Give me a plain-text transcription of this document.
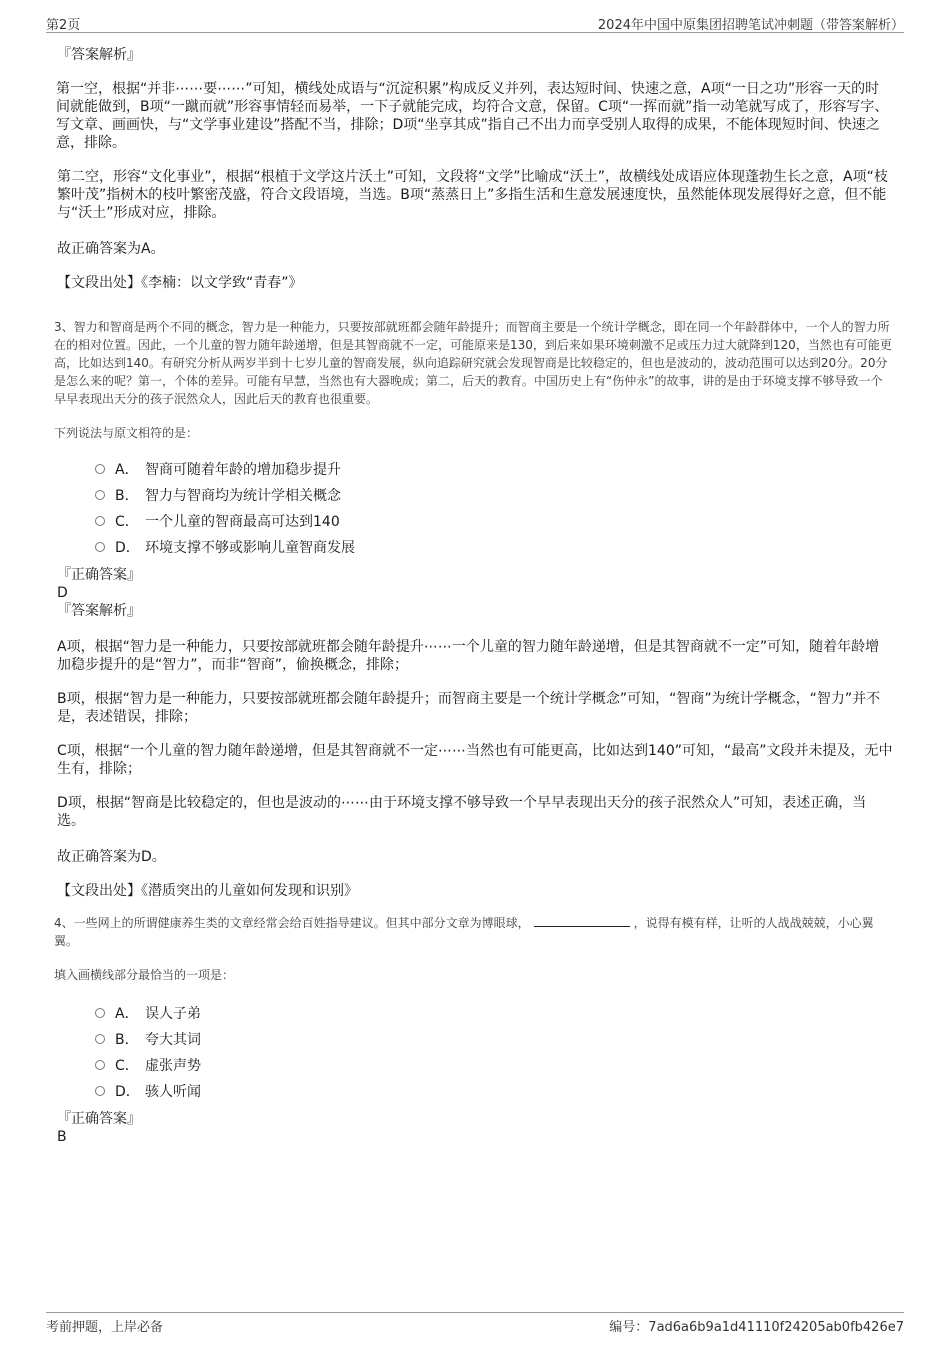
第2页	2024年中国中原集团招聘笔试冲刺题（带答案解析）
『答案解析』

第一空，根据“并非⋯⋯要⋯⋯”可知，横线处成语与“沉淀积累”构成反义并列，表达短时间、快速之意，A项“一日之功”形容一天的时间就能做到，B项“一蹴而就”形容事情轻而易举，一下子就能完成，均符合文意，保留。C项“一挥而就”指一动笔就写成了，形容写字、写文章、画画快，与“文学事业建设”搭配不当，排除；D项“坐享其成”指自己不出力而享受别人取得的成果，不能体现短时间、快速之意，排除。

第二空，形容“文化事业”，根据“根植于文学这片沃土”可知，文段将“文学”比喻成“沃土”，故横线处成语应体现蓬勃生长之意，A项“枝繁叶茂”指树木的枝叶繁密茂盛，符合文段语境，当选。B项“蒸蒸日上”多指生活和生意发展速度快，虽然能体现发展得好之意，但不能与“沃土”形成对应，排除。

故正确答案为A。

【文段出处】《李楠：以文学致“青春”》

3、智力和智商是两个不同的概念，智力是一种能力，只要按部就班都会随年龄提升；而智商主要是一个统计学概念，即在同一个年龄群体中，一个人的智力所在的相对位置。因此，一个儿童的智力随年龄递增，但是其智商就不一定，可能原来是130，到后来如果环境刺激不足或压力过大就降到120，当然也有可能更高，比如达到140。有研究分析从两岁半到十七岁儿童的智商发展，纵向追踪研究就会发现智商是比较稳定的，但也是波动的，波动范围可以达到20分。20分是怎么来的呢？第一，个体的差异。可能有早慧，当然也有大器晚成；第二，后天的教育。中国历史上有“伤仲永”的故事，讲的是由于环境支撑不够导致一个早早表现出天分的孩子泯然众人，因此后天的教育也很重要。

下列说法与原文相符的是：

A． 智商可随着年龄的增加稳步提升
B． 智力与智商均为统计学相关概念
C． 一个儿童的智商最高可达到140
D． 环境支撑不够或影响儿童智商发展
『正确答案』
D
『答案解析』

A项，根据“智力是一种能力，只要按部就班都会随年龄提升⋯⋯一个儿童的智力随年龄递增，但是其智商就不一定”可知，随着年龄增加稳步提升的是“智力”，而非“智商”，偷换概念，排除；

B项，根据“智力是一种能力，只要按部就班都会随年龄提升；而智商主要是一个统计学概念”可知，“智商”为统计学概念，“智力”并不是，表述错误，排除；

C项，根据“一个儿童的智力随年龄递增，但是其智商就不一定⋯⋯当然也有可能更高，比如达到140”可知，“最高”文段并未提及，无中生有，排除；

D项，根据“智商是比较稳定的，但也是波动的⋯⋯由于环境支撑不够导致一个早早表现出天分的孩子泯然众人”可知，表述正确，当选。

故正确答案为D。

【文段出处】《潜质突出的儿童如何发现和识别》

4、一些网上的所谓健康养生类的文章经常会给百姓指导建议。但其中部分文章为博眼球，	，说得有模有样，让听的人战战兢兢，小心翼翼。

填入画横线部分最恰当的一项是：

A． 误人子弟
B． 夸大其词
C． 虚张声势
D． 骇人听闻
『正确答案』
B
考前押题，上岸必备	编号：7ad6a6b9a1d41110f24205ab0fb426e7
